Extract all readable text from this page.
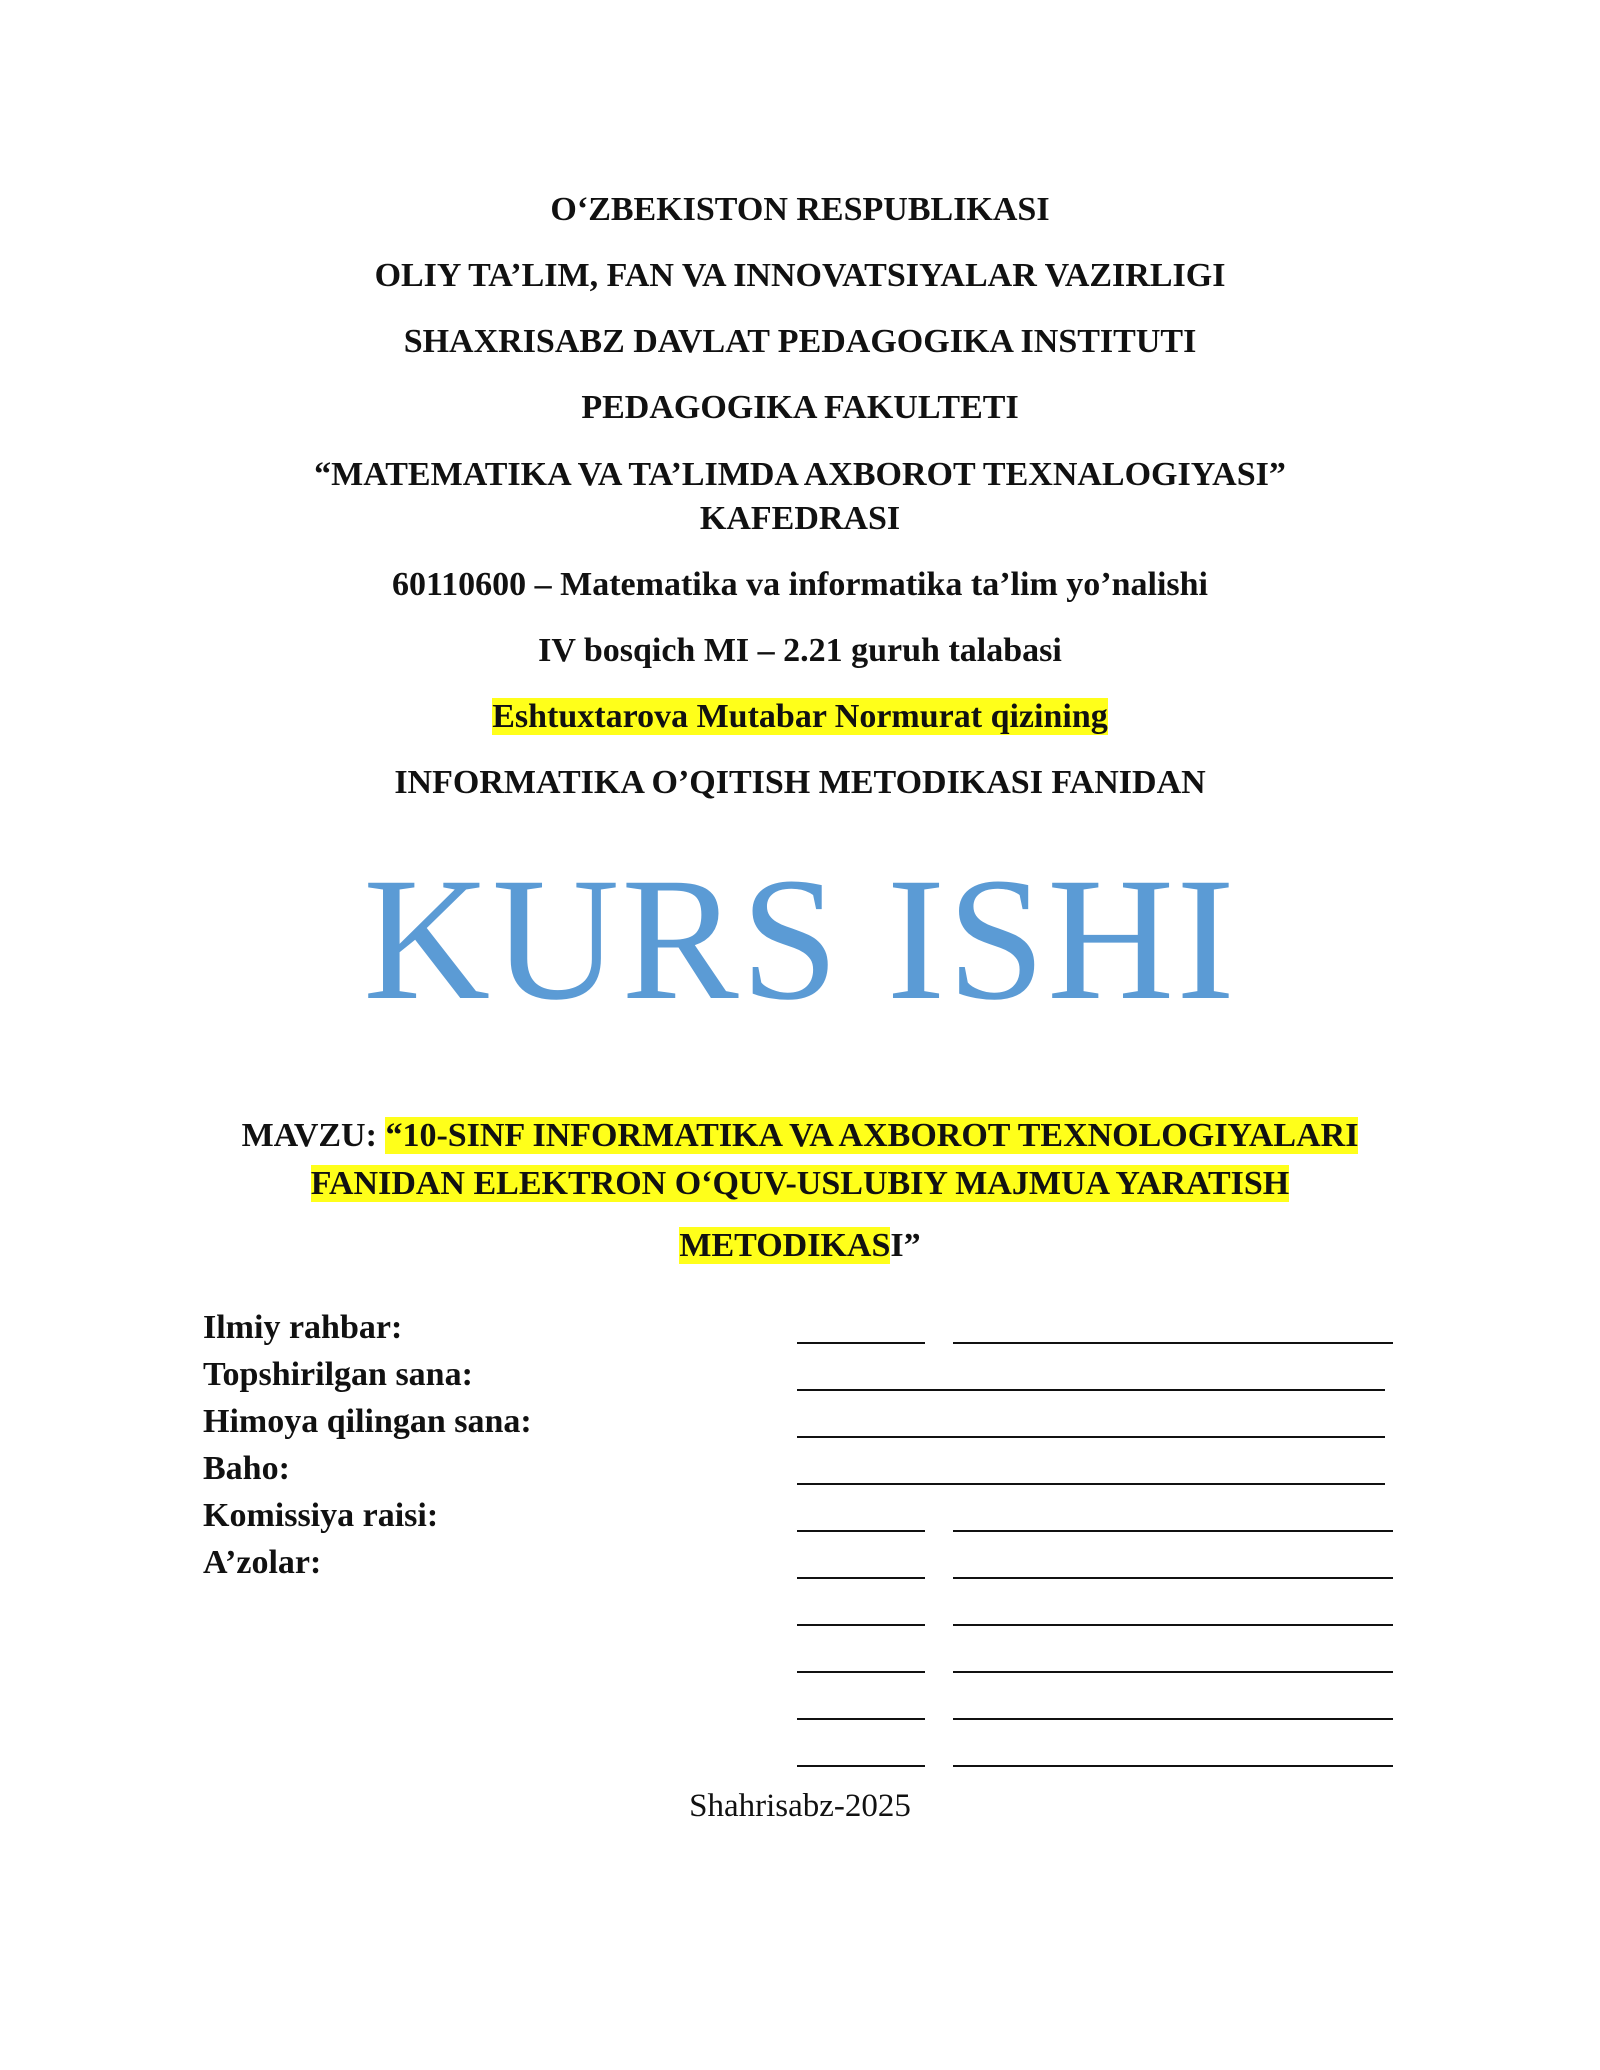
O‘ZBEKISTON RESPUBLIKASI
OLIY TA’LIM, FAN VA INNOVATSIYALAR VAZIRLIGI
SHAXRISABZ DAVLAT PEDAGOGIKA INSTITUTI
PEDAGOGIKA FAKULTETI
“MATEMATIKA VA TA’LIMDA AXBOROT TEXNALOGIYASI”
KAFEDRASI
60110600 – Matematika va informatika ta’lim yo’nalishi
IV bosqich MI – 2.21 guruh talabasi
Eshtuxtarova Mutabar Normurat qizining
INFORMATIKA O’QITISH METODIKASI FANIDAN
KURS ISHI
MAVZU: “10-SINF INFORMATIKA VA AXBOROT TEXNOLOGIYALARI
FANIDAN ELEKTRON O‘QUV-USLUBIY MAJMUA YARATISH
METODIKASI”
Ilmiy rahbar:
Topshirilgan sana:
Himoya qilingan sana:
Baho:
Komissiya raisi:
A’zolar:
Shahrisabz-2025
